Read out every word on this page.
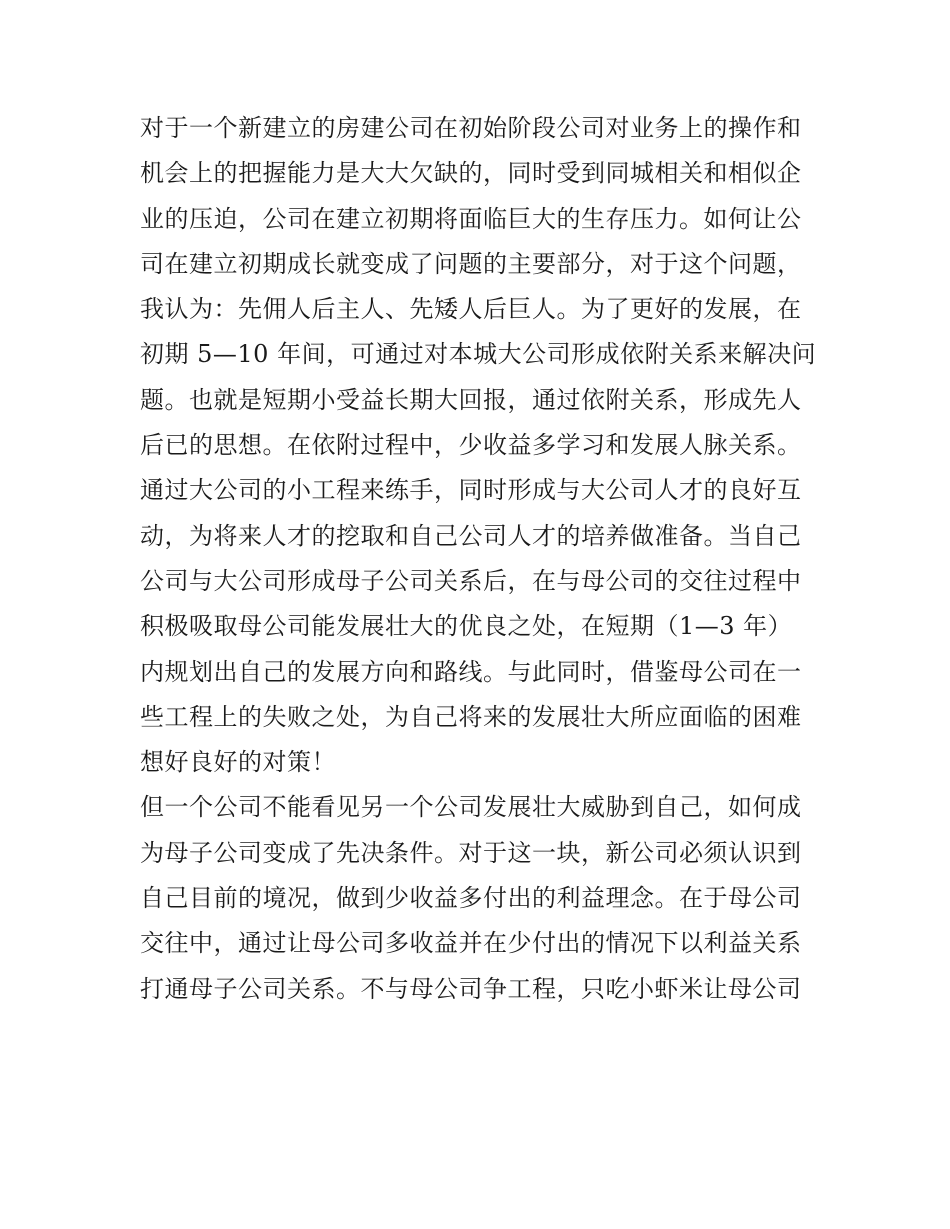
对于一个新建立的房建公司在初始阶段公司对业务上的操作和
机会上的把握能力是大大欠缺的，同时受到同城相关和相似企
业的压迫，公司在建立初期将面临巨大的生存压力。如何让公
司在建立初期成长就变成了问题的主要部分，对于这个问题，
我认为：先佣人后主人、先矮人后巨人。为了更好的发展，在
初期 5—10 年间，可通过对本城大公司形成依附关系来解决问
题。也就是短期小受益长期大回报，通过依附关系，形成先人
后已的思想。在依附过程中，少收益多学习和发展人脉关系。
通过大公司的小工程来练手，同时形成与大公司人才的良好互
动，为将来人才的挖取和自己公司人才的培养做准备。当自己
公司与大公司形成母子公司关系后，在与母公司的交往过程中
积极吸取母公司能发展壮大的优良之处，在短期（1—3 年）
内规划出自己的发展方向和路线。与此同时，借鉴母公司在一
些工程上的失败之处，为自己将来的发展壮大所应面临的困难
想好良好的对策！
但一个公司不能看见另一个公司发展壮大威胁到自己，如何成
为母子公司变成了先决条件。对于这一块，新公司必须认识到
自己目前的境况，做到少收益多付出的利益理念。在于母公司
交往中，通过让母公司多收益并在少付出的情况下以利益关系
打通母子公司关系。不与母公司争工程，只吃小虾米让母公司
